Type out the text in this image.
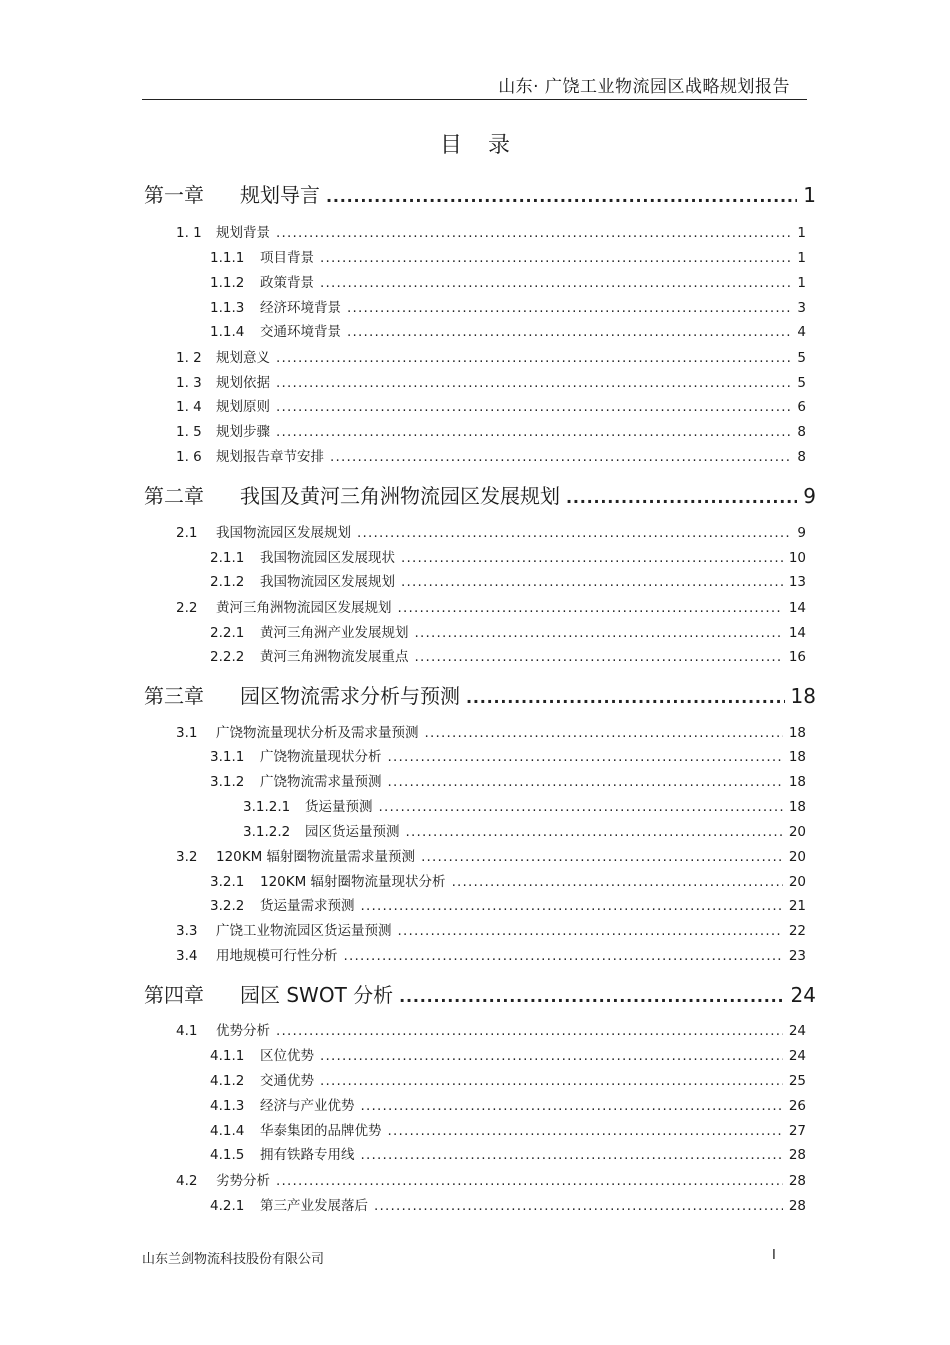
山东· 广饶工业物流园区战略规划报告
目录
第一章	规划导言 .....	1
1. 1	规划背景 .....	1
1.1.1	项目背景 .....	1
1.1.2	政策背景 .....	1
1.1.3	经济环境背景 .....	3
1.1.4	交通环境背景 .....	4
1. 2	规划意义 .....	5
1. 3	规划依据 .....	5
1. 4	规划原则 .....	6
1. 5	规划步骤 .....	8
1. 6	规划报告章节安排 .....	8
第二章	我国及黄河三角洲物流园区发展规划 .....	9
2.1	我国物流园区发展规划 .....	9
2.1.1	我国物流园区发展现状 .....	10
2.1.2	我国物流园区发展规划 .....	13
2.2	黄河三角洲物流园区发展规划 .....	14
2.2.1	黄河三角洲产业发展规划 .....	14
2.2.2	黄河三角洲物流发展重点 .....	16
第三章	园区物流需求分析与预测 .....	18
3.1	广饶物流量现状分析及需求量预测 .....	18
3.1.1	广饶物流量现状分析 .....	18
3.1.2	广饶物流需求量预测 .....	18
3.1.2.1	货运量预测 .....	18
3.1.2.2	园区货运量预测 .....	20
3.2	120KM 辐射圈物流量需求量预测 .....	20
3.2.1	120KM 辐射圈物流量现状分析 .....	20
3.2.2	货运量需求预测 .....	21
3.3	广饶工业物流园区货运量预测 .....	22
3.4	用地规模可行性分析 .....	23
第四章	园区 SWOT 分析 .....	24
4.1	优势分析 .....	24
4.1.1	区位优势 .....	24
4.1.2	交通优势 .....	25
4.1.3	经济与产业优势 .....	26
4.1.4	华泰集团的品牌优势 .....	27
4.1.5	拥有铁路专用线 .....	28
4.2	劣势分析 .....	28
4.2.1	第三产业发展落后 .....	28
山东兰剑物流科技股份有限公司	I
